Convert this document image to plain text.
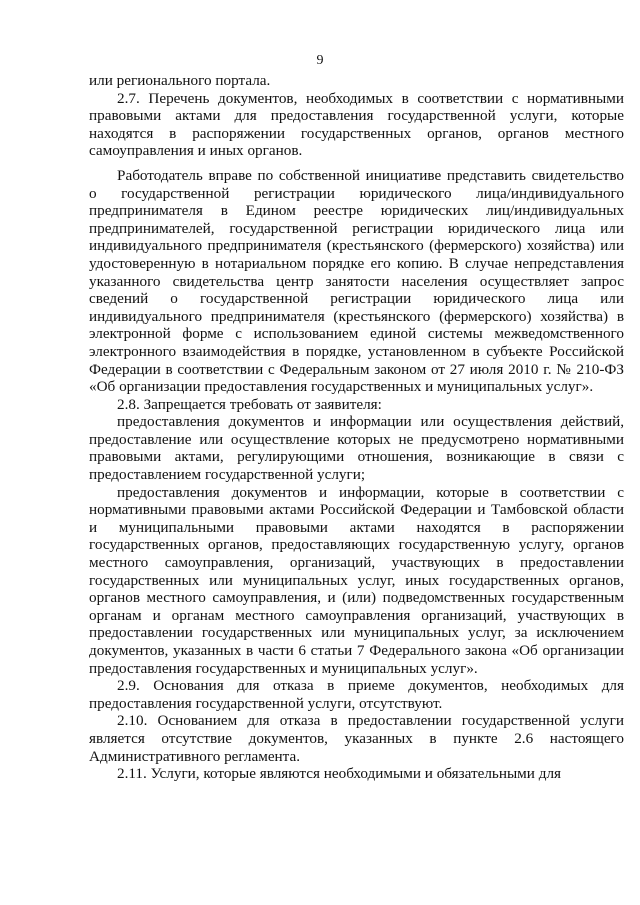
9

или регионального портала.

2.7. Перечень документов, необходимых в соответствии с нормативными правовыми актами для предоставления государственной услуги, которые находятся в распоряжении государственных органов, органов местного самоуправления и иных органов.

Работодатель вправе по собственной инициативе представить свидетельство о государственной регистрации юридического лица/индивидуального предпринимателя в Едином реестре юридических лиц/индивидуальных предпринимателей, государственной регистрации юридического лица или индивидуального предпринимателя (крестьянского (фермерского) хозяйства) или удостоверенную в нотариальном порядке его копию. В случае непредставления указанного свидетельства центр занятости населения осуществляет запрос сведений о государственной регистрации юридического лица или индивидуального предпринимателя (крестьянского (фермерского) хозяйства) в электронной форме с использованием единой системы межведомственного электронного взаимодействия в порядке, установленном в субъекте Российской Федерации в соответствии с Федеральным законом от 27 июля 2010 г. № 210-ФЗ «Об организации предоставления государственных и муниципальных услуг».

2.8. Запрещается требовать от заявителя:

предоставления документов и информации или осуществления действий, предоставление или осуществление которых не предусмотрено нормативными правовыми актами, регулирующими отношения, возникающие в связи с предоставлением государственной услуги;

предоставления документов и информации, которые в соответствии с нормативными правовыми актами Российской Федерации и Тамбовской области и муниципальными правовыми актами находятся в распоряжении государственных органов, предоставляющих государственную услугу, органов местного самоуправления, организаций, участвующих в предоставлении государственных или муниципальных услуг, иных государственных органов, органов местного самоуправления, и (или) подведомственных государственным органам и органам местного самоуправления организаций, участвующих в предоставлении государственных или муниципальных услуг, за исключением документов, указанных в части 6 статьи 7 Федерального закона «Об организации предоставления государственных и муниципальных услуг».

2.9. Основания для отказа в приеме документов, необходимых для предоставления государственной услуги, отсутствуют.

2.10. Основанием для отказа в предоставлении государственной услуги является отсутствие документов, указанных в пункте 2.6 настоящего Административного регламента.

2.11. Услуги, которые являются необходимыми и обязательными для
